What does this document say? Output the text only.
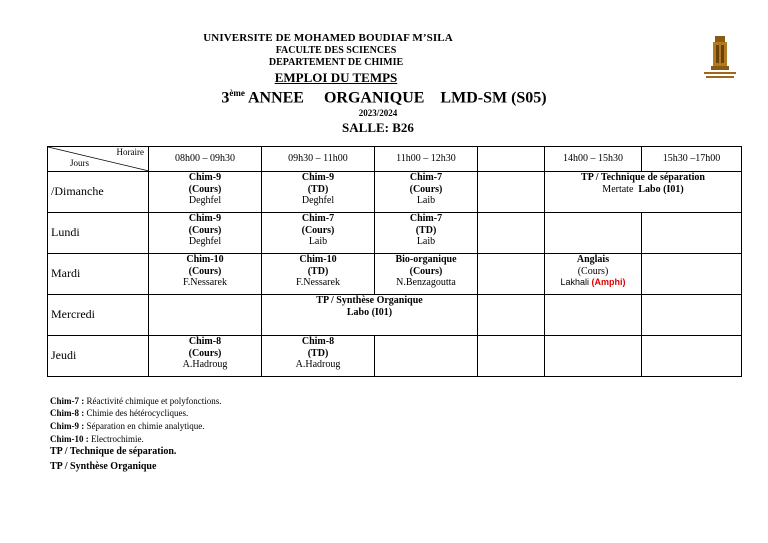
UNIVERSITE DE MOHAMED BOUDIAF M’SILA
FACULTE DES SCIENCES
DEPARTEMENT DE CHIMIE
EMPLOI DU TEMPS
3ème ANNEE     ORGANIQUE    LMD-SM (S05)
2023/2024
SALLE: B26
Horaire
Jours	08h00 – 09h30	09h30 – 11h00	11h00 – 12h30		14h00 – 15h30	15h30 –17h00
/Dimanche	Chim-9
(Cours)
Deghfel	Chim-9
(TD)
Deghfel	Chim-7
(Cours)
Laib		TP / Technique de séparation
Mertate Labo (I01)	

Lundi	Chim-9
(Cours)
Deghfel	Chim-7
(Cours)
Laib	Chim-7
(TD)
Laib			

Mardi	Chim-10
(Cours)
F.Nessarek	Chim-10
(TD)
F.Nessarek	Bio-organique
(Cours)
N.Benzagoutta		Anglais
(Cours)
Lakhali (Amphi)	

Mercredi		TP / Synthèse Organique
Labo (I01)				

Jeudi	Chim-8
(Cours)
A.Hadroug	Chim-8
(TD)
A.Hadroug				

Chim-7 : Réactivité chimique et polyfonctions.
Chim-8 : Chimie des hétérocycliques.
Chim-9 : Séparation en chimie analytique.
Chim-10 : Electrochimie.
TP / Technique de séparation.
TP / Synthèse Organique
